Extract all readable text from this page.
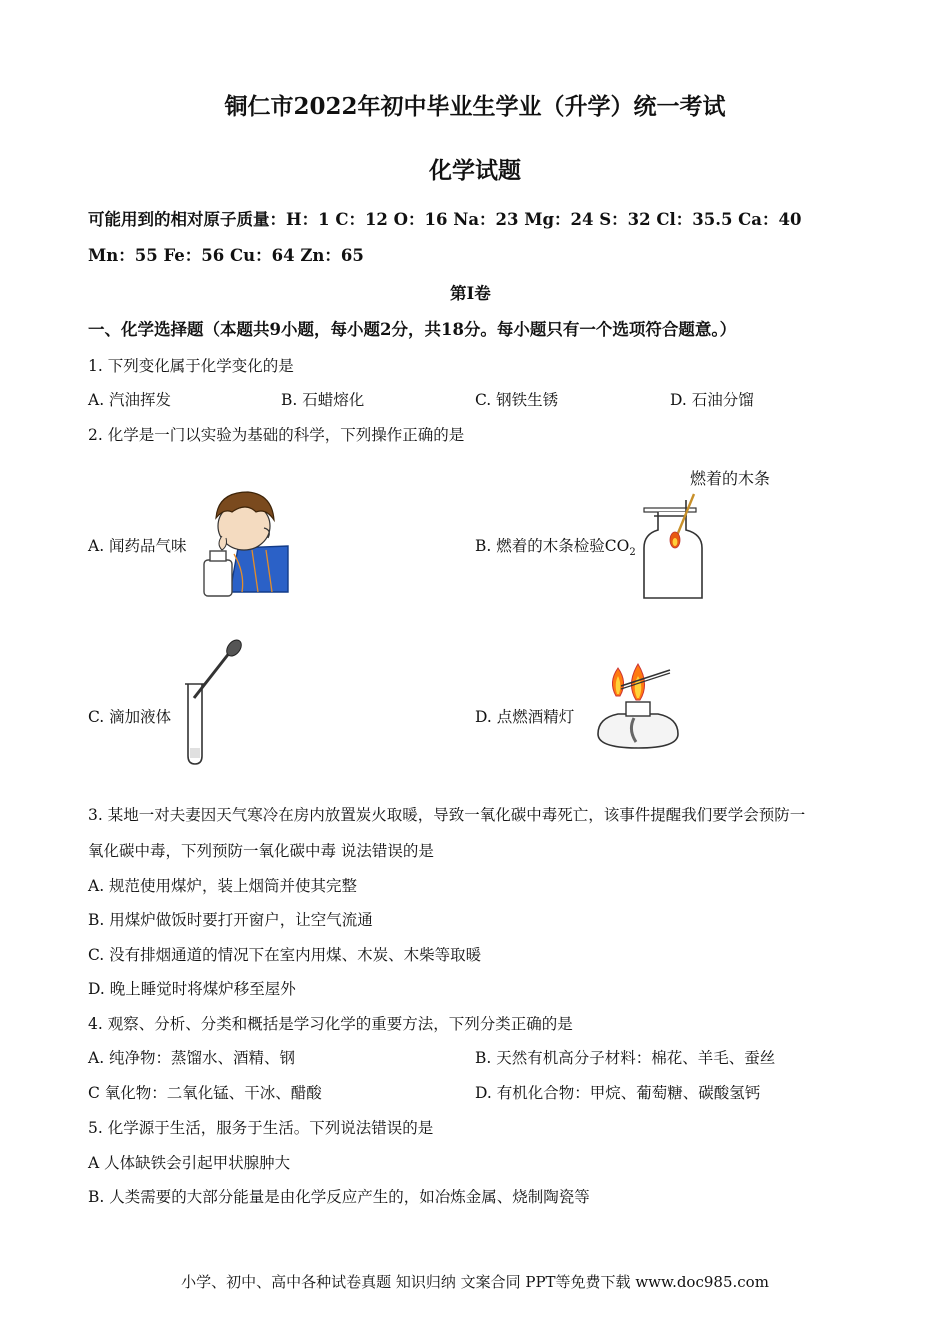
铜仁市2022年初中毕业生学业（升学）统一考试
化学试题
可能用到的相对原子质量：H：1 C：12 O：16 Na：23 Mg：24 S：32 Cl：35.5 Ca：40
Mn：55 Fe：56 Cu：64 Zn：65
第Ⅰ卷
一、化学选择题（本题共9小题，每小题2分，共18分。每小题只有一个选项符合题意。）
1. 下列变化属于化学变化的是
A. 汽油挥发	B. 石蜡熔化	C. 钢铁生锈	D. 石油分馏
2. 化学是一门以实验为基础的科学，下列操作正确的是
A. 闻药品气味	B. 燃着的木条检验$CO_2$
C. 滴加液体	D. 点燃酒精灯
燃着的木条
3. 某地一对夫妻因天气寒冷在房内放置炭火取暖，导致一氧化碳中毒死亡，该事件提醒我们要学会预防一
氧化碳中毒，下列预防一氧化碳中毒 说法错误的是
A. 规范使用煤炉，装上烟筒并使其完整
B. 用煤炉做饭时要打开窗户，让空气流通
C. 没有排烟通道的情况下在室内用煤、木炭、木柴等取暖
D. 晚上睡觉时将煤炉移至屋外
4. 观察、分析、分类和概括是学习化学的重要方法，下列分类正确的是
A. 纯净物：蒸馏水、酒精、钢	B. 天然有机高分子材料：棉花、羊毛、蚕丝
C 氧化物：二氧化锰、干冰、醋酸	D. 有机化合物：甲烷、葡萄糖、碳酸氢钙
5. 化学源于生活，服务于生活。下列说法错误的是
A 人体缺铁会引起甲状腺肿大
B. 人类需要的大部分能量是由化学反应产生的，如冶炼金属、烧制陶瓷等
小学、初中、高中各种试卷真题 知识归纳 文案合同 PPT等免费下载 www.doc985.com
